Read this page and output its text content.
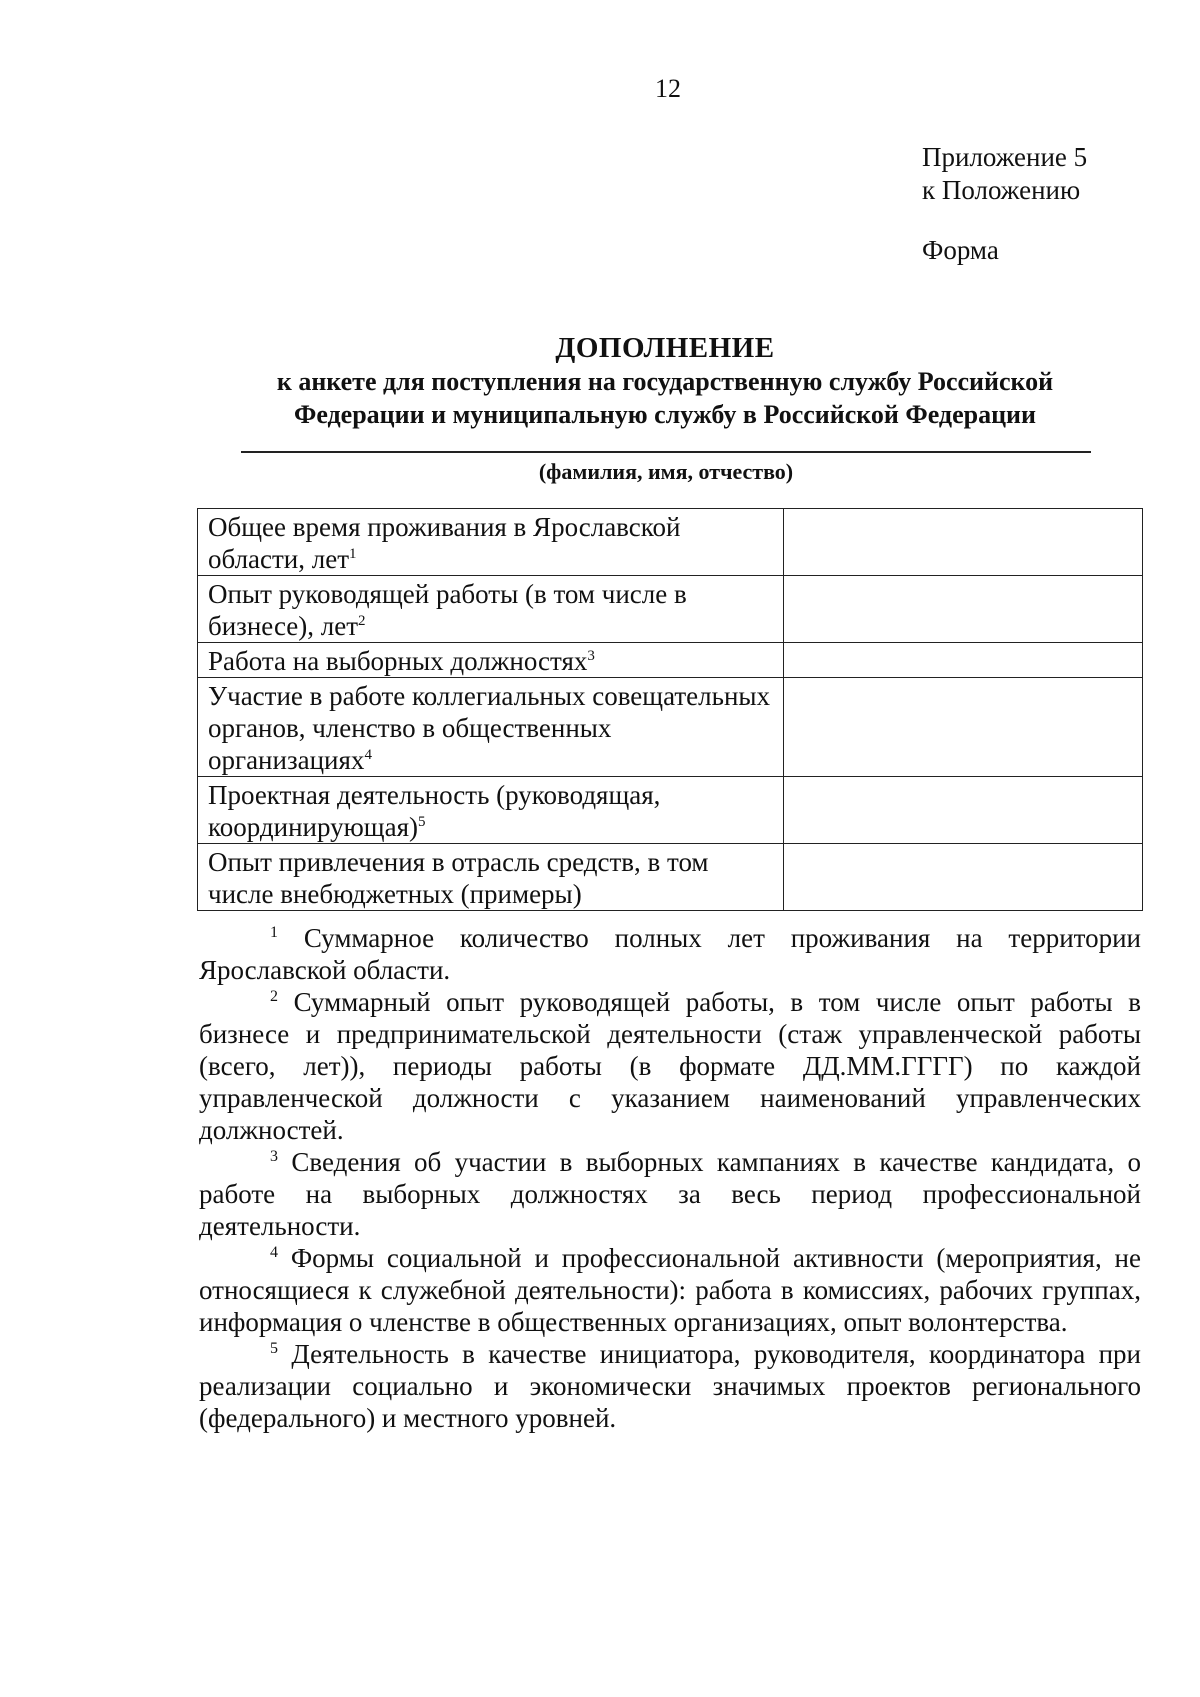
12
Приложение 5
к Положению
Форма
ДОПОЛНЕНИЕ
к анкете для поступления на государственную службу Российской
Федерации и муниципальную службу в Российской Федерации
(фамилия, имя, отчество)
Общее время проживания в Ярославской области, лет$^1$	
Опыт руководящей работы (в том числе в бизнесе), лет$^2$	
Работа на выборных должностях$^3$	
Участие в работе коллегиальных совещательных органов, членство в общественных организациях$^4$	
Проектная деятельность (руководящая, координирующая)$^5$	
Опыт привлечения в отрасль средств, в том числе внебюджетных (примеры)	

$^1$ Суммарное количество полных лет проживания на территории Ярославской области.

$^2$ Суммарный опыт руководящей работы, в том числе опыт работы в бизнесе и предпринимательской деятельности (стаж управленческой работы (всего, лет)), периоды работы (в формате ДД.ММ.ГГГГ) по каждой управленческой должности с указанием наименований управленческих должностей.

$^3$ Сведения об участии в выборных кампаниях в качестве кандидата, о работе на выборных должностях за весь период профессиональной деятельности.

$^4$ Формы социальной и профессиональной активности (мероприятия, не относящиеся к служебной деятельности): работа в комиссиях, рабочих группах, информация о членстве в общественных организациях, опыт волонтерства.

$^5$ Деятельность в качестве инициатора, руководителя, координатора при реализации социально и экономически значимых проектов регионального (федерального) и местного уровней.
